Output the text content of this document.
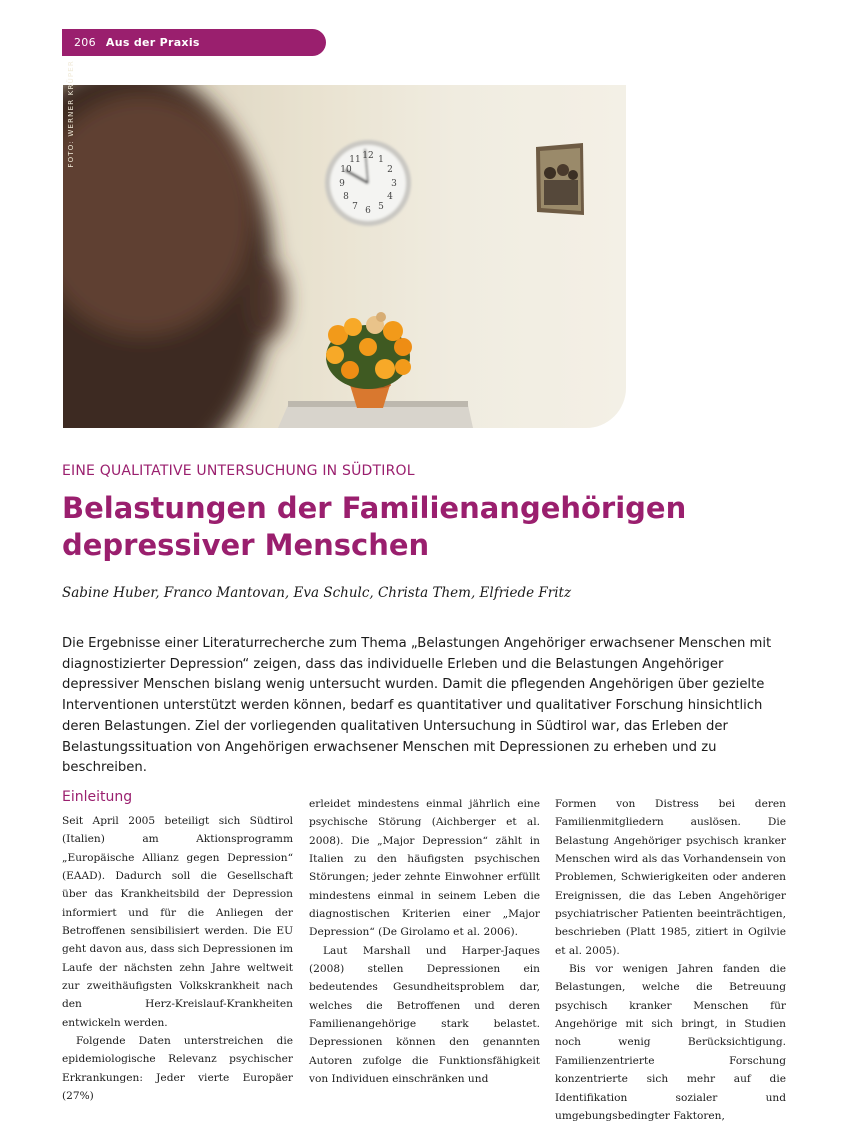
206 Aus der Praxis
12 1
2
3
4
5
6
7
8
9
10
11
FOTO: WERNER KRÜPER
EINE QUALITATIVE UNTERSUCHUNG IN SÜDTIROL
Belastungen der Familienangehörigen depressiver Menschen
Sabine Huber, Franco Mantovan, Eva Schulc, Christa Them, Elfriede Fritz
Die Ergebnisse einer Literaturrecherche zum Thema „Belastungen Angehöriger erwachsener Menschen mit diagnostizierter Depression“ zeigen, dass das individuelle Erleben und die Belastungen Angehöriger depressiver Menschen bislang wenig untersucht wurden. Damit die pflegenden Angehörigen über gezielte Interventionen unterstützt werden können, bedarf es quantitativer und qualitativer Forschung hinsichtlich deren Belastungen. Ziel der vorliegenden qualitativen Untersuchung in Südtirol war, das Erleben der Belastungssituation von Angehörigen erwachsener Menschen mit Depressionen zu erheben und zu beschreiben.
Einleitung

Seit April 2005 beteiligt sich Südtirol (Italien) am Aktionsprogramm „Europäische Allianz gegen Depression“ (EAAD). Dadurch soll die Gesellschaft über das Krankheitsbild der Depression informiert und für die Anliegen der Betroffenen sensibilisiert werden. Die EU geht davon aus, dass sich Depressionen im Laufe der nächsten zehn Jahre weltweit zur zweithäufigsten Volkskrankheit nach den Herz-Kreislauf-Krankheiten entwickeln werden.

Folgende Daten unterstreichen die epidemiologische Relevanz psychischer Erkrankungen: Jeder vierte Europäer (27%)

erleidet mindestens einmal jährlich eine psychische Störung (Aichberger et al. 2008). Die „Major Depression“ zählt in Italien zu den häufigsten psychischen Störungen; jeder zehnte Einwohner erfüllt mindestens einmal in seinem Leben die diagnostischen Kriterien einer „Major Depression“ (De Girolamo et al. 2006).

Laut Marshall und Harper-Jaques (2008) stellen Depressionen ein bedeutendes Gesundheitsproblem dar, welches die Betroffenen und deren Familienangehörige stark belastet. Depressionen können den genannten Autoren zufolge die Funktionsfähigkeit von Individuen einschränken und

Formen von Distress bei deren Familienmitgliedern auslösen. Die Belastung Angehöriger psychisch kranker Menschen wird als das Vorhandensein von Problemen, Schwierigkeiten oder anderen Ereignissen, die das Leben Angehöriger psychiatrischer Patienten beeinträchtigen, beschrieben (Platt 1985, zitiert in Ogilvie et al. 2005).

Bis vor wenigen Jahren fanden die Belastungen, welche die Betreuung psychisch kranker Menschen für Angehörige mit sich bringt, in Studien noch wenig Berücksichtigung. Familienzentrierte Forschung konzentrierte sich mehr auf die Identifikation sozialer und umgebungsbedingter Faktoren,
